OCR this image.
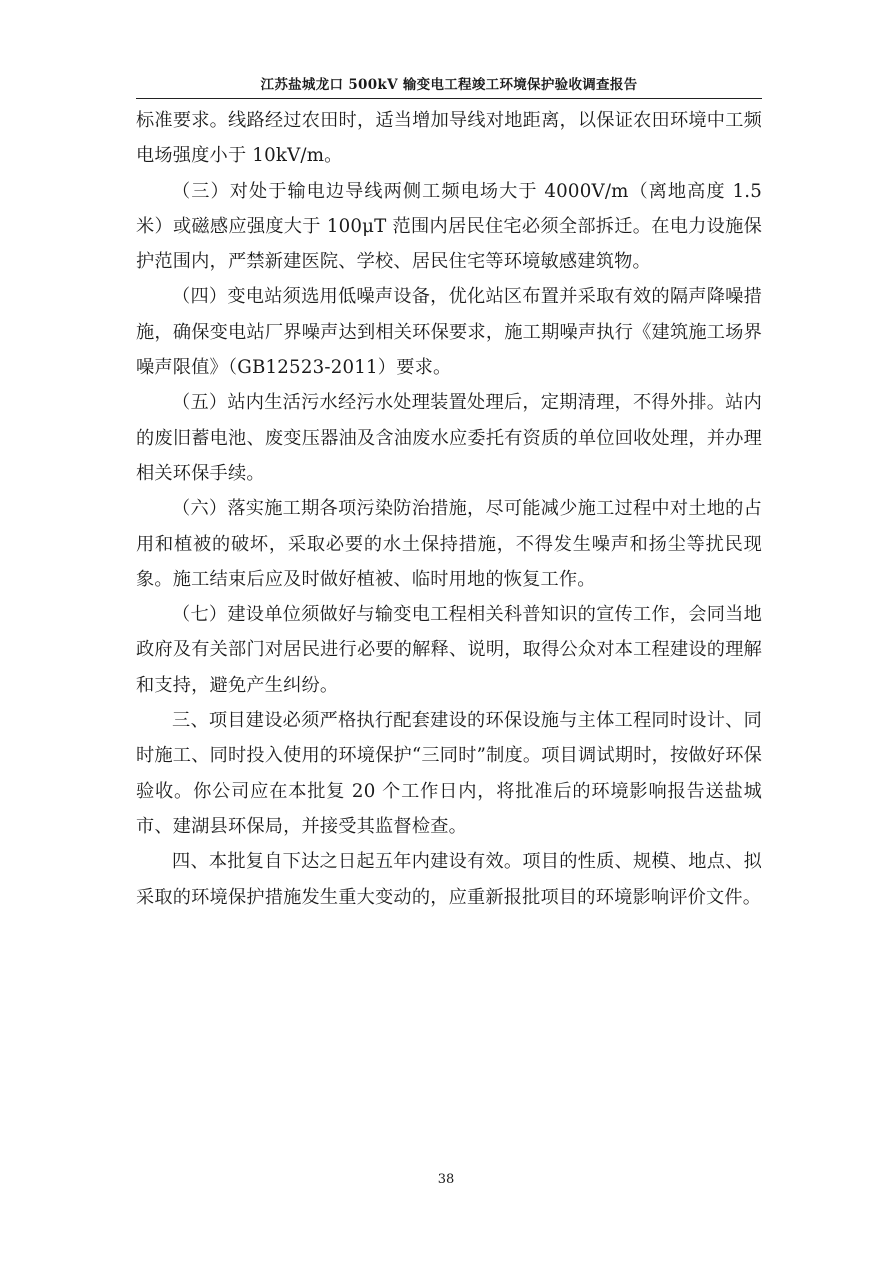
江苏盐城龙口 500kV 输变电工程竣工环境保护验收调查报告

标准要求。线路经过农田时，适当增加导线对地距离，以保证农田环境中工频电场强度小于 10kV/m。

（三）对处于输电边导线两侧工频电场大于 4000V/m（离地高度 1.5 米）或磁感应强度大于 100μT 范围内居民住宅必须全部拆迁。在电力设施保护范围内，严禁新建医院、学校、居民住宅等环境敏感建筑物。

（四）变电站须选用低噪声设备，优化站区布置并采取有效的隔声降噪措施，确保变电站厂界噪声达到相关环保要求，施工期噪声执行《建筑施工场界噪声限值》（GB12523-2011）要求。

（五）站内生活污水经污水处理装置处理后，定期清理，不得外排。站内的废旧蓄电池、废变压器油及含油废水应委托有资质的单位回收处理，并办理相关环保手续。

（六）落实施工期各项污染防治措施，尽可能减少施工过程中对土地的占用和植被的破坏，采取必要的水土保持措施，不得发生噪声和扬尘等扰民现象。施工结束后应及时做好植被、临时用地的恢复工作。

（七）建设单位须做好与输变电工程相关科普知识的宣传工作，会同当地政府及有关部门对居民进行必要的解释、说明，取得公众对本工程建设的理解和支持，避免产生纠纷。

三、项目建设必须严格执行配套建设的环保设施与主体工程同时设计、同时施工、同时投入使用的环境保护“三同时”制度。项目调试期时，按做好环保验收。你公司应在本批复 20 个工作日内，将批准后的环境影响报告送盐城市、建湖县环保局，并接受其监督检查。

四、本批复自下达之日起五年内建设有效。项目的性质、规模、地点、拟采取的环境保护措施发生重大变动的，应重新报批项目的环境影响评价文件。

38
